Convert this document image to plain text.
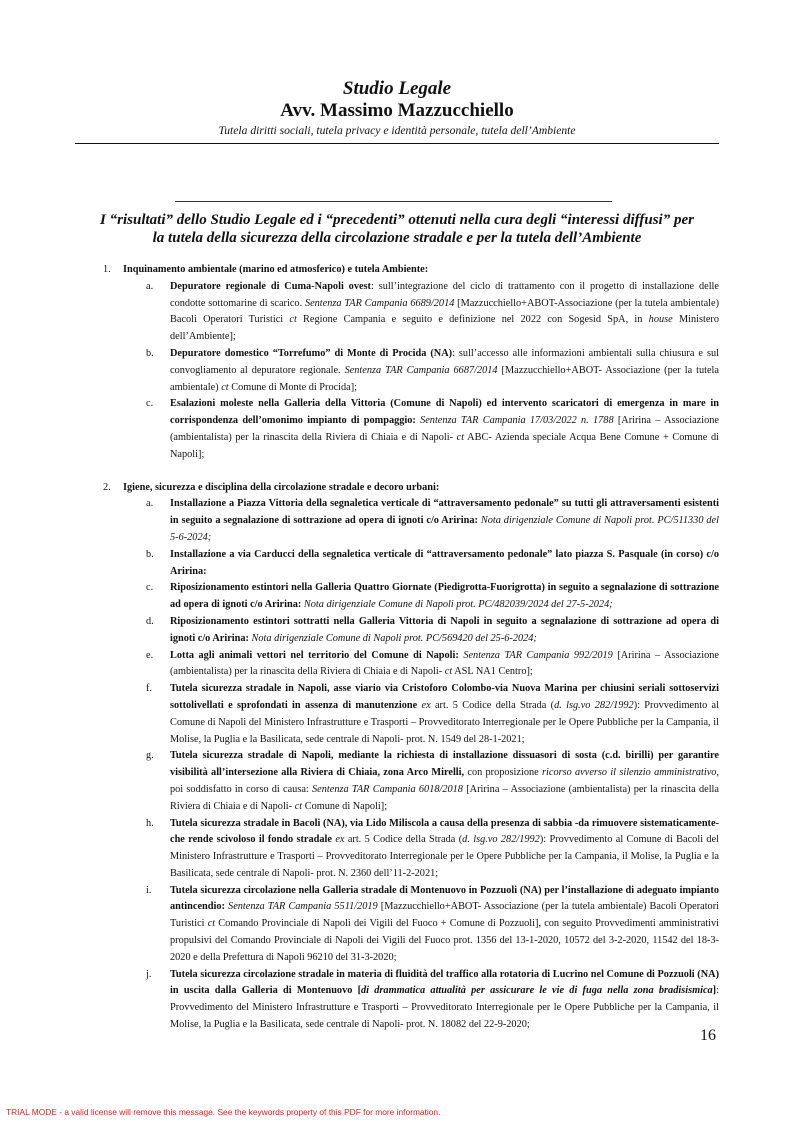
Studio Legale
Avv. Massimo Mazzucchiello
Tutela diritti sociali, tutela privacy e identità personale, tutela dell’Ambiente
I “risultati” dello Studio Legale ed i “precedenti” ottenuti nella cura degli “interessi diffusi” per
la tutela della sicurezza della circolazione stradale e per la tutela dell’Ambiente
1. Inquinamento ambientale (marino ed atmosferico) e tutela Ambiente:
a. Depuratore regionale di Cuma-Napoli ovest: sull’integrazione del ciclo di trattamento con il progetto di installazione delle condotte sottomarine di scarico. Sentenza TAR Campania 6689/2014 [Mazzucchiello+ABOT-Associazione (per la tutela ambientale) Bacoli Operatori Turistici ct Regione Campania e seguito e definizione nel 2022 con Sogesid SpA, in house Ministero dell’Ambiente];
b. Depuratore domestico “Torrefumo” di Monte di Procida (NA): sull’accesso alle informazioni ambientali sulla chiusura e sul convogliamento al depuratore regionale. Sentenza TAR Campania 6687/2014 [Mazzucchiello+ABOT- Associazione (per la tutela ambientale) ct Comune di Monte di Procida];
c. Esalazioni moleste nella Galleria della Vittoria (Comune di Napoli) ed intervento scaricatori di emergenza in mare in corrispondenza dell’omonimo impianto di pompaggio: Sentenza TAR Campania 17/03/2022 n. 1788 [Aririna – Associazione (ambientalista) per la rinascita della Riviera di Chiaia e di Napoli- ct ABC- Azienda speciale Acqua Bene Comune + Comune di Napoli];
2. Igiene, sicurezza e disciplina della circolazione stradale e decoro urbani:
a. Installazione a Piazza Vittoria della segnaletica verticale di “attraversamento pedonale” su tutti gli attraversamenti esistenti in seguito a segnalazione di sottrazione ad opera di ignoti c/o Aririna: Nota dirigenziale Comune di Napoli prot. PC/511330 del 5-6-2024;
b. Installazione a via Carducci della segnaletica verticale di “attraversamento pedonale” lato piazza S. Pasquale (in corso) c/o Aririna:
c. Riposizionamento estintori nella Galleria Quattro Giornate (Piedigrotta-Fuorigrotta) in seguito a segnalazione di sottrazione ad opera di ignoti c/o Aririna: Nota dirigenziale Comune di Napoli prot. PC/482039/2024 del 27-5-2024;
d. Riposizionamento estintori sottratti nella Galleria Vittoria di Napoli in seguito a segnalazione di sottrazione ad opera di ignoti c/o Aririna: Nota dirigenziale Comune di Napoli prot. PC/569420 del 25-6-2024;
e. Lotta agli animali vettori nel territorio del Comune di Napoli: Sentenza TAR Campania 992/2019 [Aririna – Associazione (ambientalista) per la rinascita della Riviera di Chiaia e di Napoli- ct ASL NA1 Centro];
f. Tutela sicurezza stradale in Napoli, asse viario via Cristoforo Colombo-via Nuova Marina per chiusini seriali sottoservizi sottolivellati e sprofondati in assenza di manutenzione ex art. 5 Codice della Strada (d. lsg.vo 282/1992): Provvedimento al Comune di Napoli del Ministero Infrastrutture e Trasporti – Provveditorato Interregionale per le Opere Pubbliche per la Campania, il Molise, la Puglia e la Basilicata, sede centrale di Napoli- prot. N. 1549 del 28-1-2021;
g. Tutela sicurezza stradale di Napoli, mediante la richiesta di installazione dissuasori di sosta (c.d. birilli) per garantire visibilità all’intersezione alla Riviera di Chiaia, zona Arco Mirelli, con proposizione ricorso avverso il silenzio amministrativo, poi soddisfatto in corso di causa: Sentenza TAR Campania 6018/2018 [Aririna – Associazione (ambientalista) per la rinascita della Riviera di Chiaia e di Napoli- ct Comune di Napoli];
h. Tutela sicurezza stradale in Bacoli (NA), via Lido Miliscola a causa della presenza di sabbia -da rimuovere sistematicamente- che rende scivoloso il fondo stradale ex art. 5 Codice della Strada (d. lsg.vo 282/1992): Provvedimento al Comune di Bacoli del Ministero Infrastrutture e Trasporti – Provveditorato Interregionale per le Opere Pubbliche per la Campania, il Molise, la Puglia e la Basilicata, sede centrale di Napoli- prot. N. 2360 dell’11-2-2021;
i. Tutela sicurezza circolazione nella Galleria stradale di Montenuovo in Pozzuoli (NA) per l’installazione di adeguato impianto antincendio: Sentenza TAR Campania 5511/2019 [Mazzucchiello+ABOT- Associazione (per la tutela ambientale) Bacoli Operatori Turistici ct Comando Provinciale di Napoli dei Vigili del Fuoco + Comune di Pozzuoli], con seguito Provvedimenti amministrativi propulsivi del Comando Provinciale di Napoli dei Vigili del Fuoco prot. 1356 del 13-1-2020, 10572 del 3-2-2020, 11542 del 18-3-2020 e della Prefettura di Napoli 96210 del 31-3-2020;
j. Tutela sicurezza circolazione stradale in materia di fluidità del traffico alla rotatoria di Lucrino nel Comune di Pozzuoli (NA) in uscita dalla Galleria di Montenuovo [di drammatica attualità per assicurare le vie di fuga nella zona bradisismica]: Provvedimento del Ministero Infrastrutture e Trasporti – Provveditorato Interregionale per le Opere Pubbliche per la Campania, il Molise, la Puglia e la Basilicata, sede centrale di Napoli- prot. N. 18082 del 22-9-2020;
16
TRIAL MODE - a valid license will remove this message. See the keywords property of this PDF for more information.
